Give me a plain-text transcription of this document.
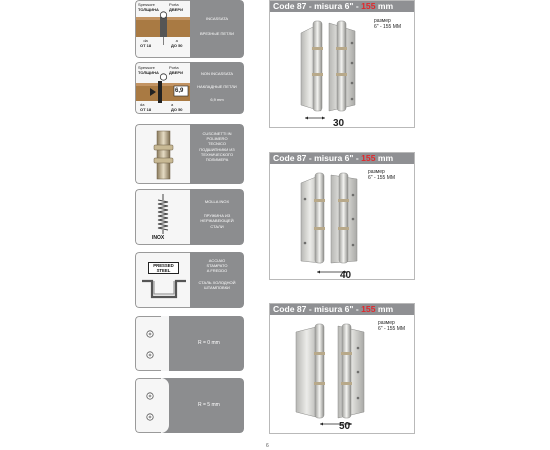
Spessore
ТОЛЩИНА
Porta
ДВЕРИ
da
ОТ 18
a
ДО 50
INCASSATA
ВРЕЗНЫЕ ПЕТЛИ
Spessore
ТОЛЩИНА
Porta
ДВЕРИ
6,9
da
ОТ 18
a
ДО 50
NON INCASSATA
НАКЛАДНЫЕ ПЕТЛИ
6,9 mm
CUSCINETTI IN
POLIMERO
TECNICO
ПОДШИПНИКИ ИЗ
ТЕХНИЧЕСКОГО
ПОЛИМЕРА
INOX
MOLLA INOX
ПРУЖИНА ИЗ
НЕРЖАВЕЮЩЕЙ
СТАЛИ
PRESSED
STEEL
ACCIAIO
STAMPATO
A FREDDO
СТАЛЬ ХОЛОДНОЙ
ШТАМПОВКИ
R = 0 mm
R = 5 mm
Code 87 - misura 6" - 155 mm
размер
6" - 155 ММ
30
Code 87 - misura 6" - 155 mm
размер
6" - 155 ММ
40
Code 87 - misura 6" - 155 mm
размер
6" - 155 ММ
50
6
